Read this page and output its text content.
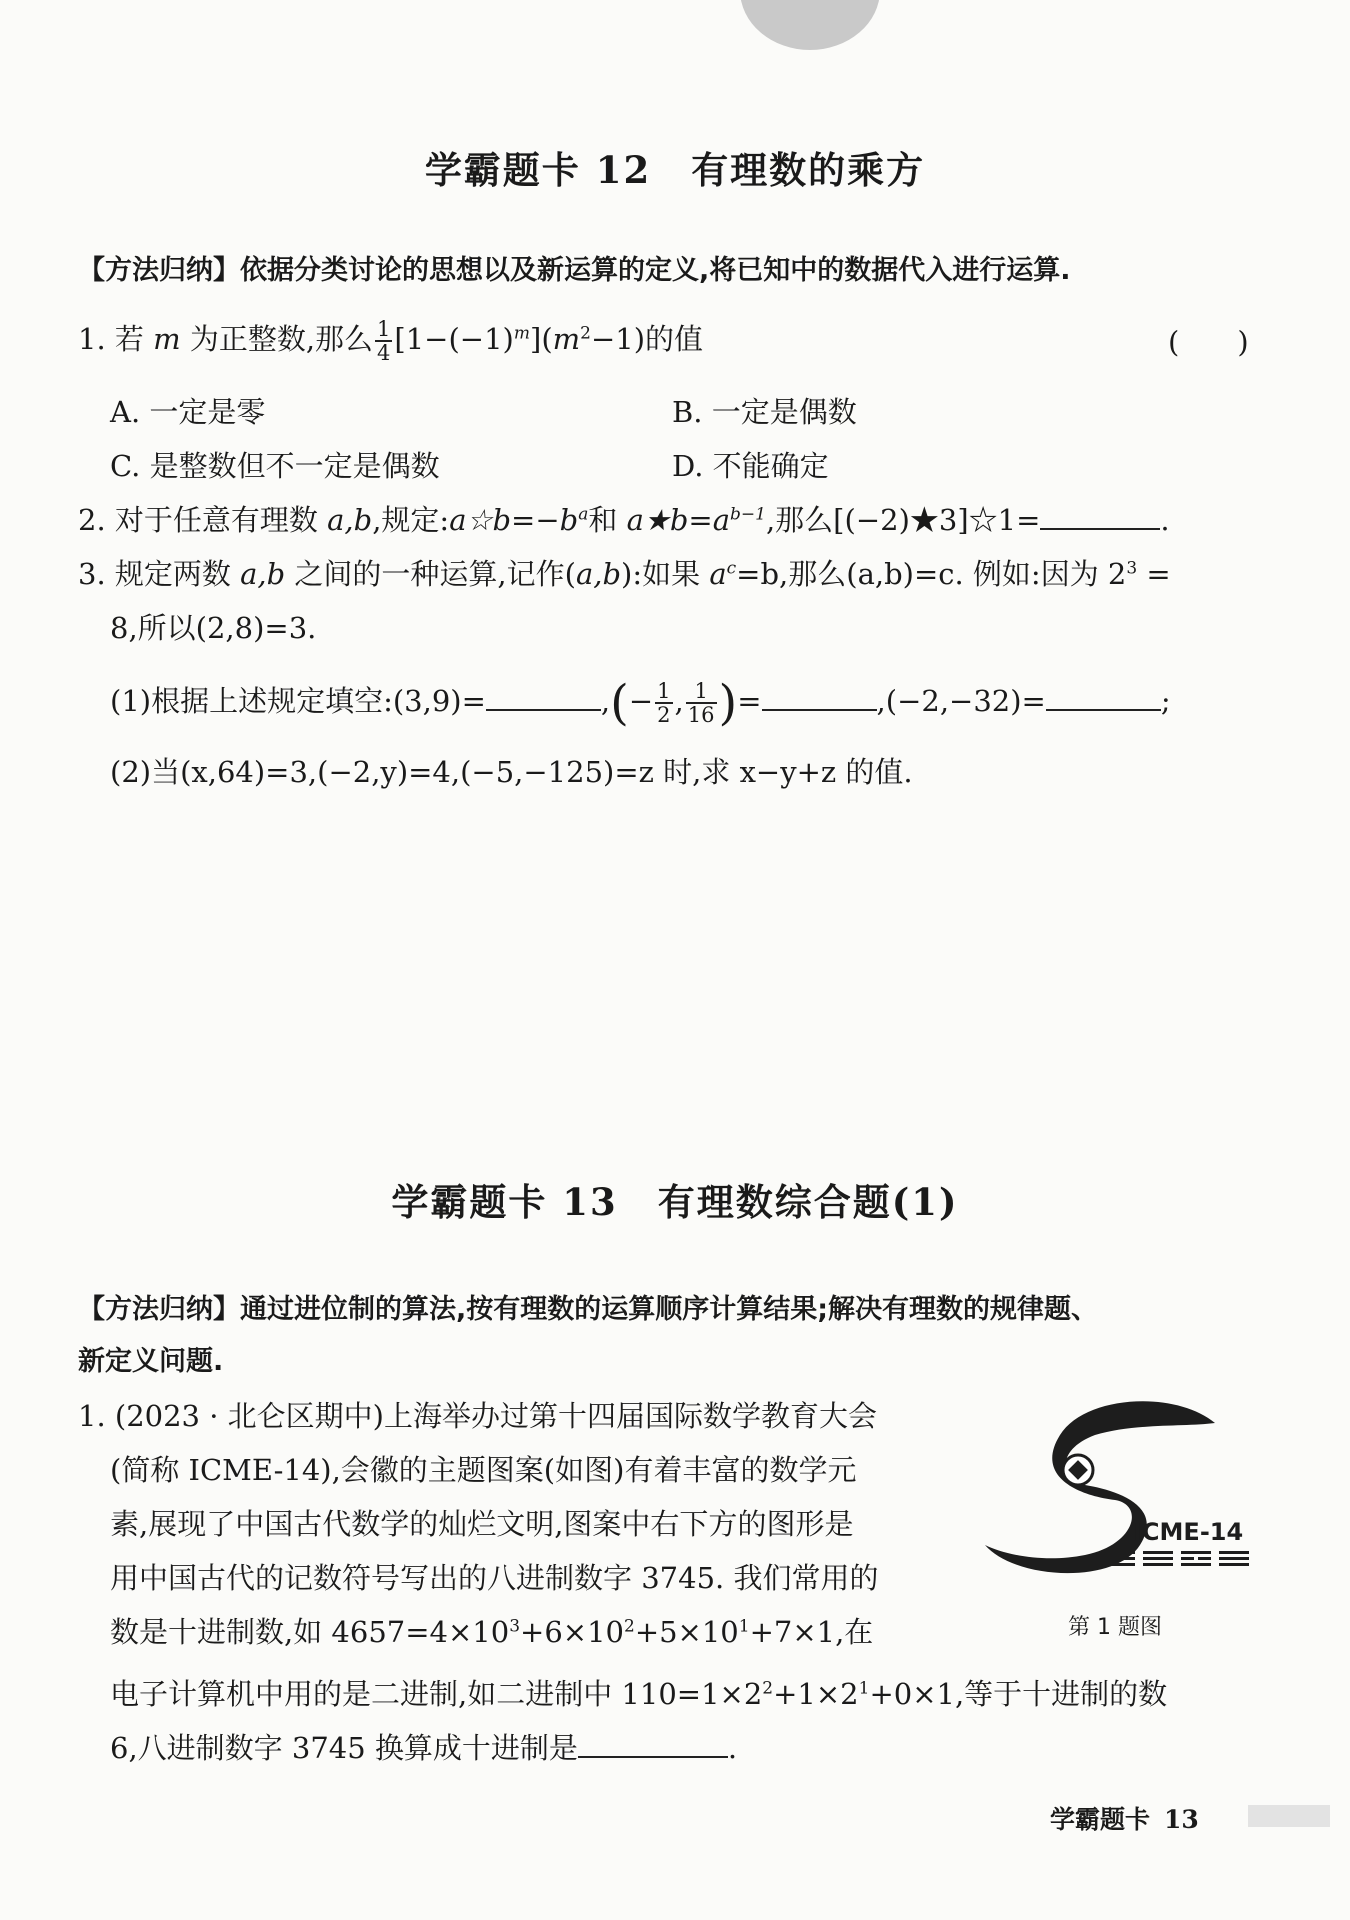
学霸题卡 12 有理数的乘方
【方法归纳】依据分类讨论的思想以及新运算的定义,将已知中的数据代入进行运算.
1. 若 m 为正整数,那么 $\frac{1}{4} [1-(-1)^m](m^2-1)$的值	(　　)
A. 一定是零	B. 一定是偶数
C. 是整数但不一定是偶数	D. 不能确定
2. 对于任意有理数 a,b,规定$:a☆b=-b^a$和 $a★b=a^{b-1}$,那么[(−2)★3]☆1=	.
3. 规定两数 a,b 之间的一种运算,记作(a,b):如果 $a^c=b$,那么(a,b)=c. 例如:因为 $2^3$ =
8,所以(2,8)=3.
(1)根据上述规定填空:(3,9)=	,(− $\frac{1}{2}$ , $\frac{1}{16}$ )=	,(−2,−32)=	;
(2)当(x,64)=3,(−2,y)=4,(−5,−125)=z 时,求 x−y+z 的值.
学霸题卡 13 有理数综合题(1)
【方法归纳】通过进位制的算法,按有理数的运算顺序计算结果;解决有理数的规律题、
新定义问题.
1. (2023 · 北仑区期中)上海举办过第十四届国际数学教育大会
(简称 ICME-14),会徽的主题图案(如图)有着丰富的数学元
素,展现了中国古代数学的灿烂文明,图案中右下方的图形是
用中国古代的记数符号写出的八进制数字 3745. 我们常用的
数是十进制数,如 $4657=4\times 10^3+6\times 10^2+5\times 10^1+7\times 1$,在
电子计算机中用的是二进制,如二进制中 $110=1\times 2^2+1\times 2^1+0\times 1$,等于十进制的数
6,八进制数字 3745 换算成十进制是	.
ICME-14
第 1 题图
学霸题卡 13
